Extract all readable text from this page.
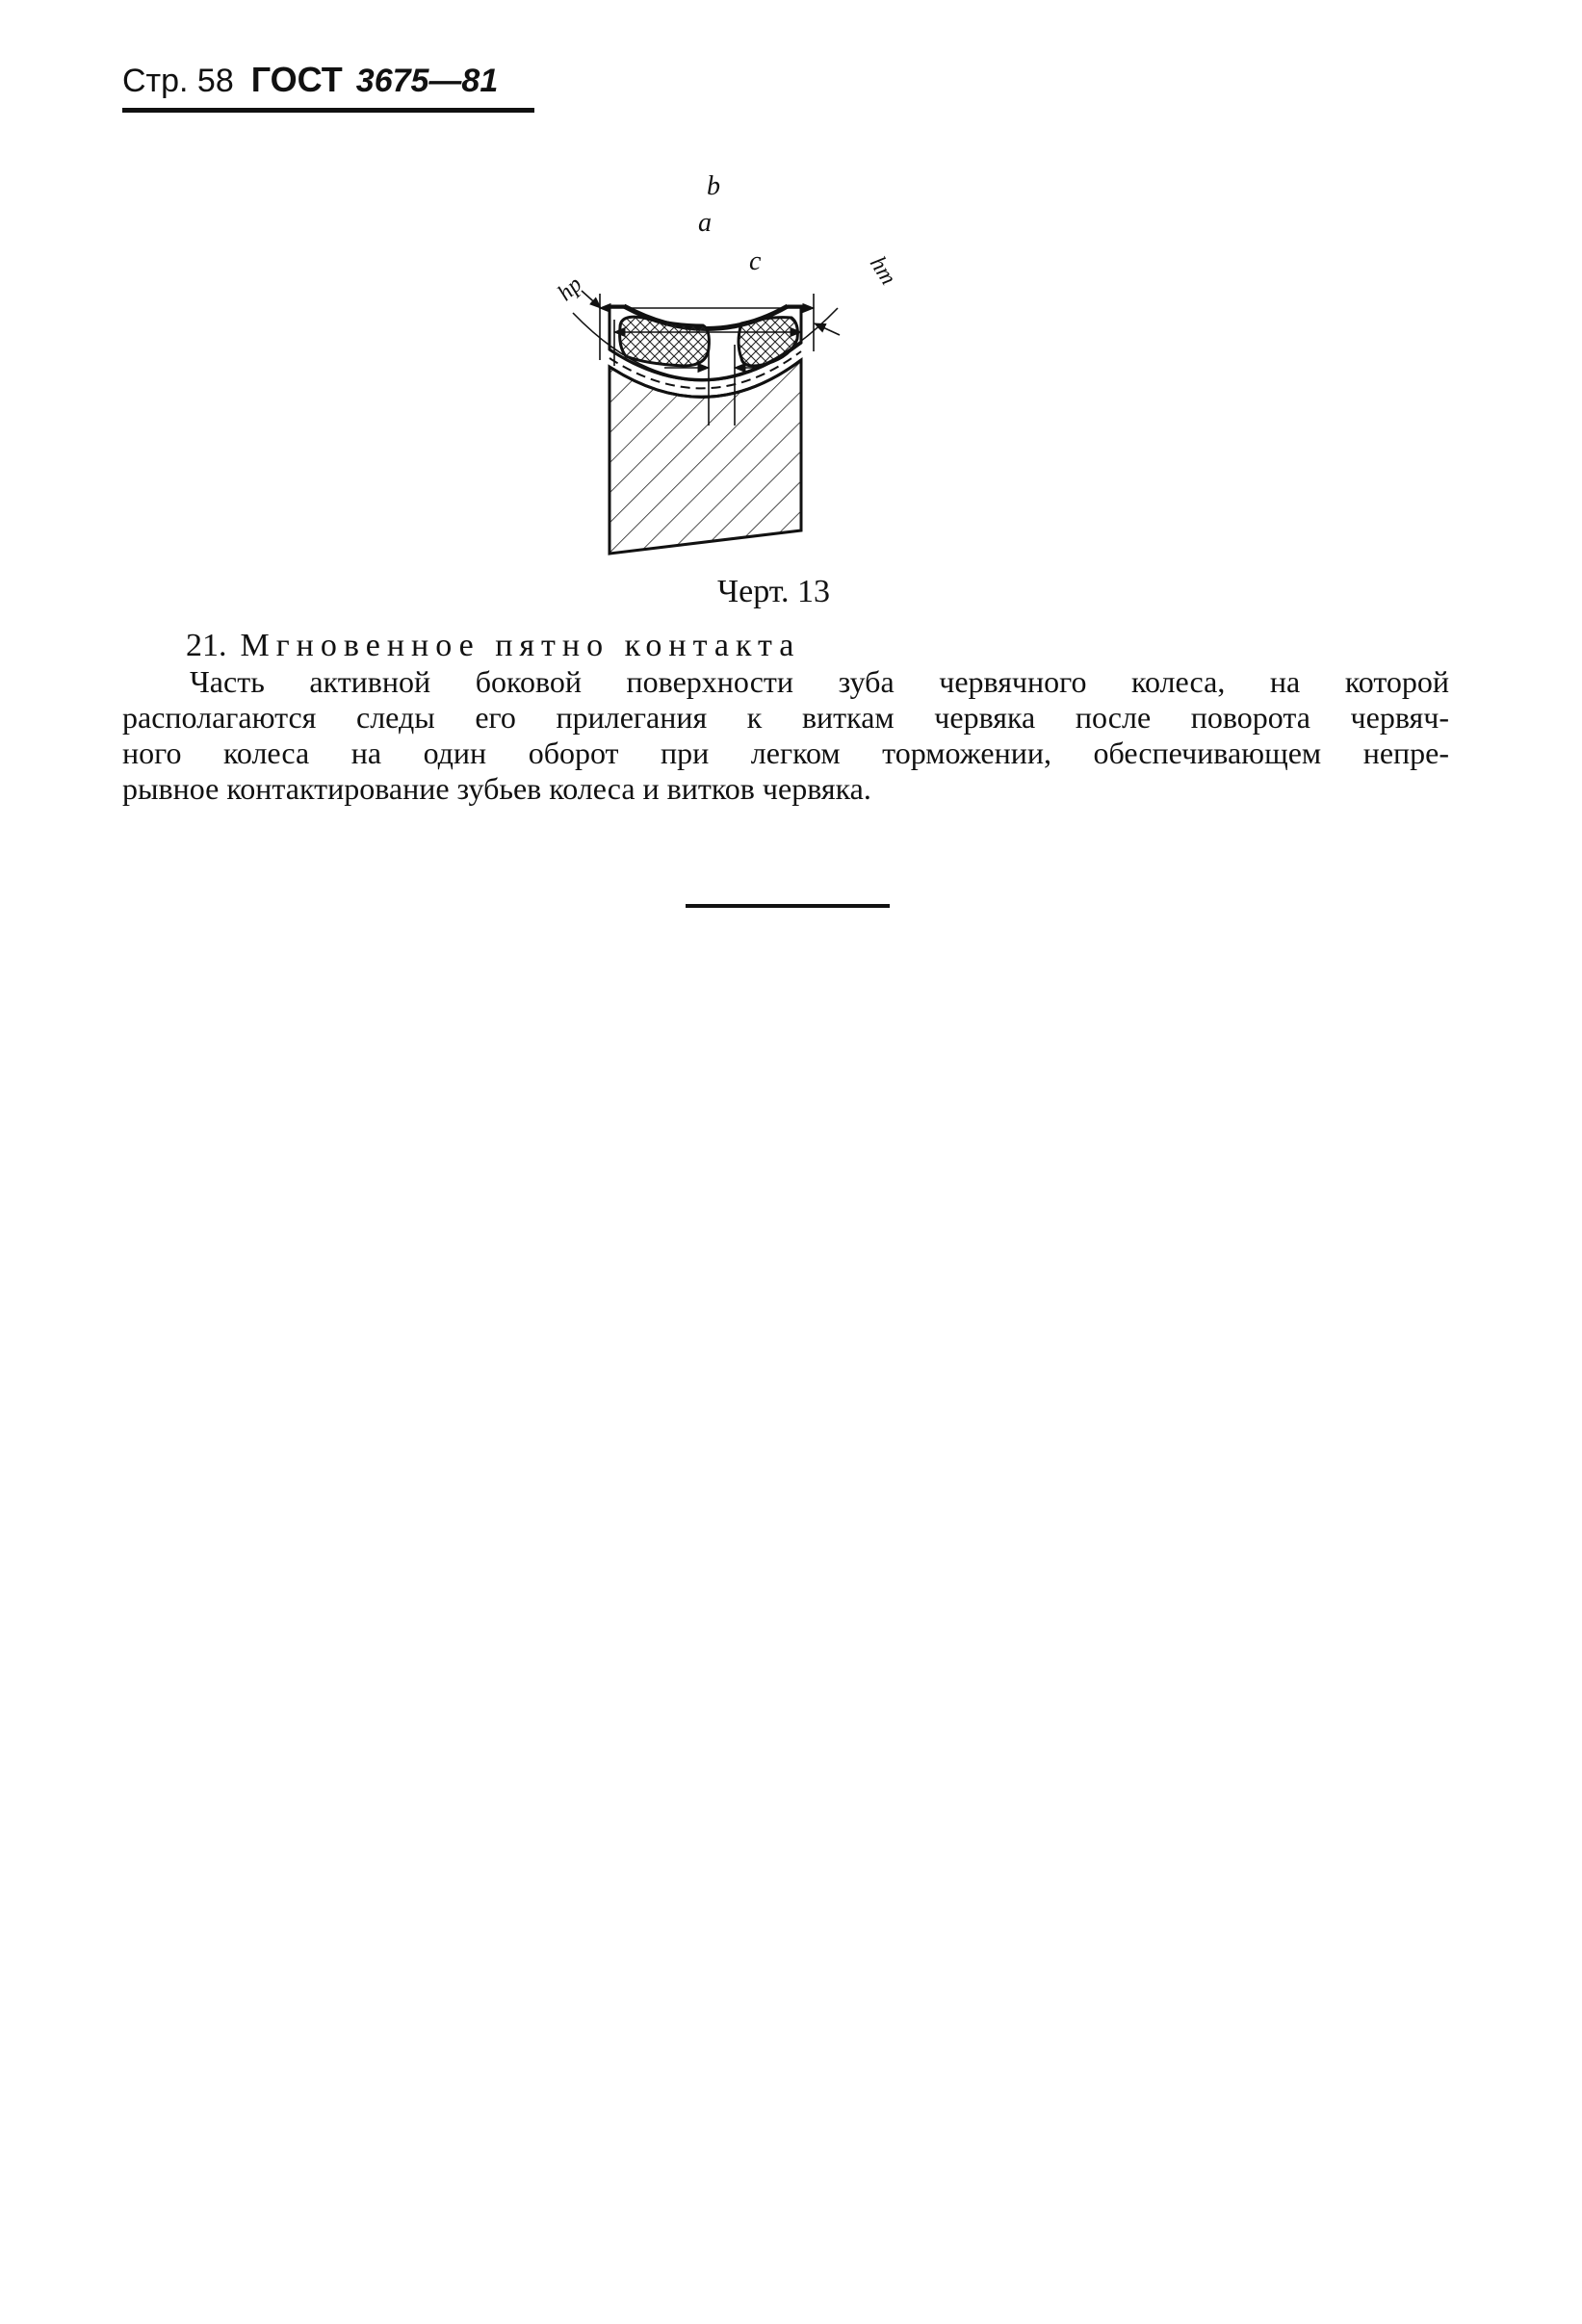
Стр. 58 ГОСТ 3675—81
b
a
c
hp	hm
Черт. 13
21. Мгновенное пятно контакта

Часть активной боковой поверхности зуба червячного колеса, на которой
располагаются следы его прилегания к виткам червяка после поворота червяч-
ного колеса на один оборот при легком торможении, обеспечивающем непре-
рывное контактирование зубьев колеса и витков червяка.
